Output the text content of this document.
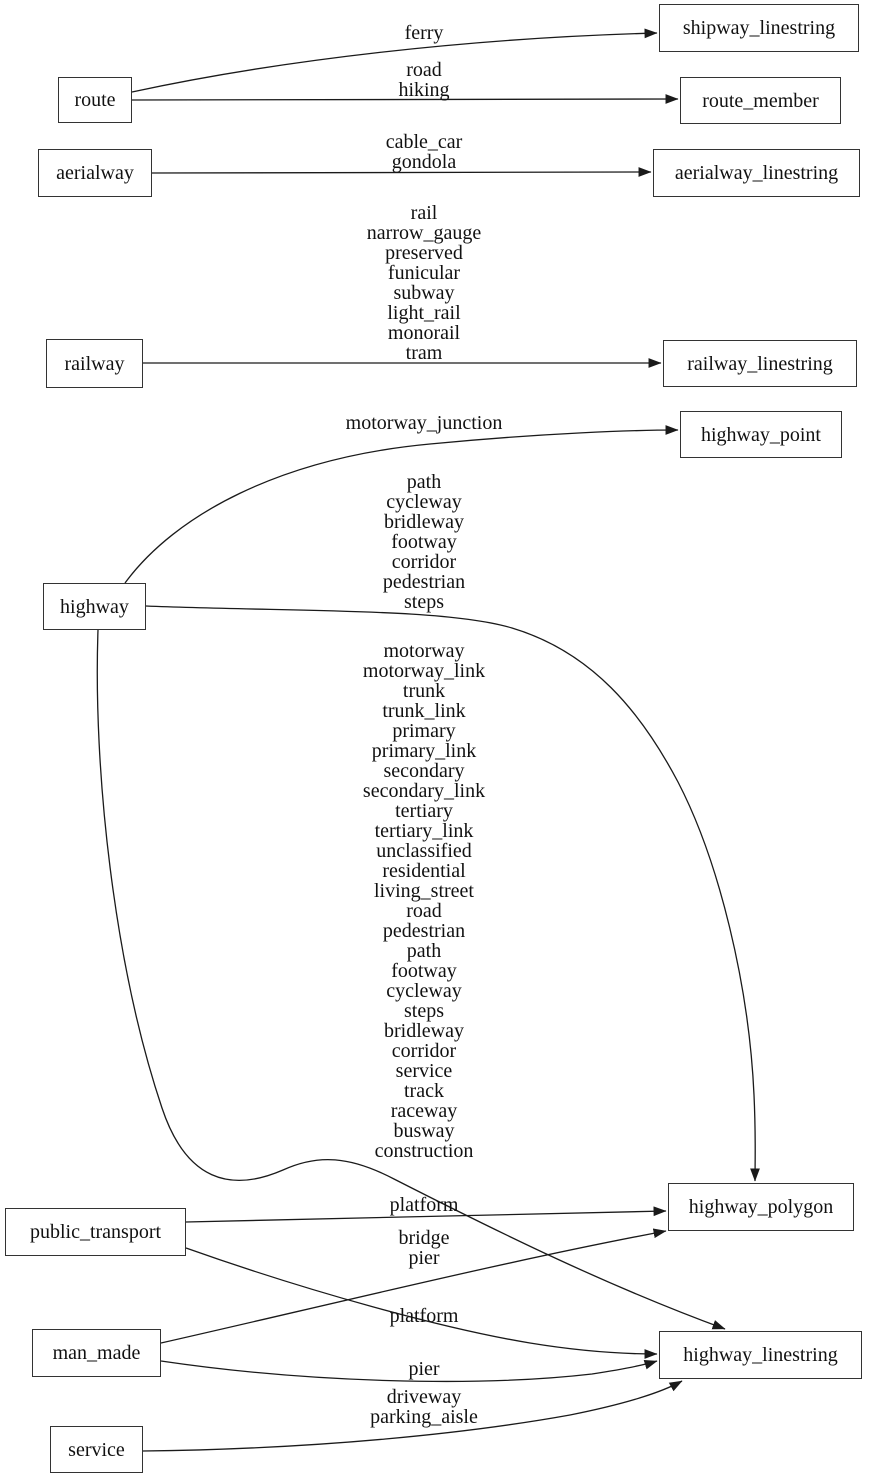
route
shipway_linestring
route_member
aerialway	aerialway_linestring
railway	railway_linestring
highway_point
highway
public_transport
highway_polygon
man_made	highway_linestring
service
ferry
road
hiking
cable_car
gondola
rail
narrow_gauge
preserved
funicular
subway
light_rail
monorail
tram
motorway_junction
path
cycleway
bridleway
footway
corridor
pedestrian
steps
motorway
motorway_link
trunk
trunk_link
primary
primary_link
secondary
secondary_link
tertiary
tertiary_link
unclassified
residential
living_street
road
pedestrian
path
footway
cycleway
steps
bridleway
corridor
service
track
raceway
busway
construction
platform
platform
bridge
pier
pier
driveway
parking_aisle
